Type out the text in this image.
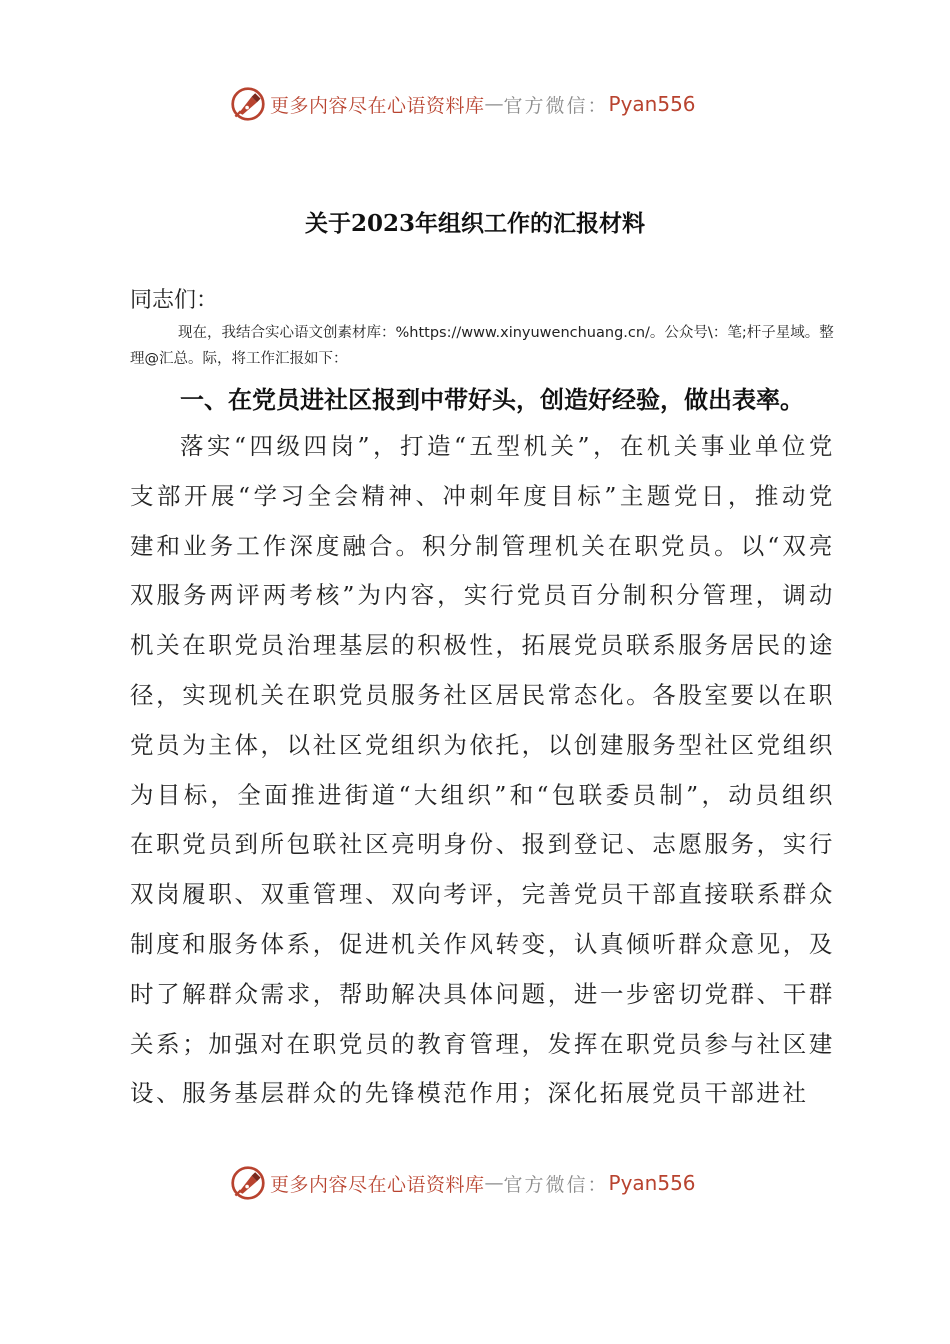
更多内容尽在心语资料库 — 官方微信： Pyan556
关于2023年组织工作的汇报材料
同志们：
现在，我结合实心语文创素材库：%https://www.xinyuwenchuang.cn/。公众号\：笔;杆子星域。整理@汇总。际，将工作汇报如下：
一、在党员进社区报到中带好头，创造好经验，做出表率。
落实“四级四岗”，打造“五型机关”，在机关事业单位党支部开展“学习全会精神、冲刺年度目标”主题党日，推动党建和业务工作深度融合。积分制管理机关在职党员。以“双亮双服务两评两考核”为内容，实行党员百分制积分管理，调动机关在职党员治理基层的积极性，拓展党员联系服务居民的途径，实现机关在职党员服务社区居民常态化。各股室要以在职党员为主体，以社区党组织为依托，以创建服务型社区党组织为目标，全面推进街道“大组织”和“包联委员制”，动员组织在职党员到所包联社区亮明身份、报到登记、志愿服务，实行双岗履职、双重管理、双向考评，完善党员干部直接联系群众制度和服务体系，促进机关作风转变，认真倾听群众意见，及时了解群众需求，帮助解决具体问题，进一步密切党群、干群关系；加强对在职党员的教育管理，发挥在职党员参与社区建设、服务基层群众的先锋模范作用；深化拓展党员干部进社
更多内容尽在心语资料库 — 官方微信： Pyan556
